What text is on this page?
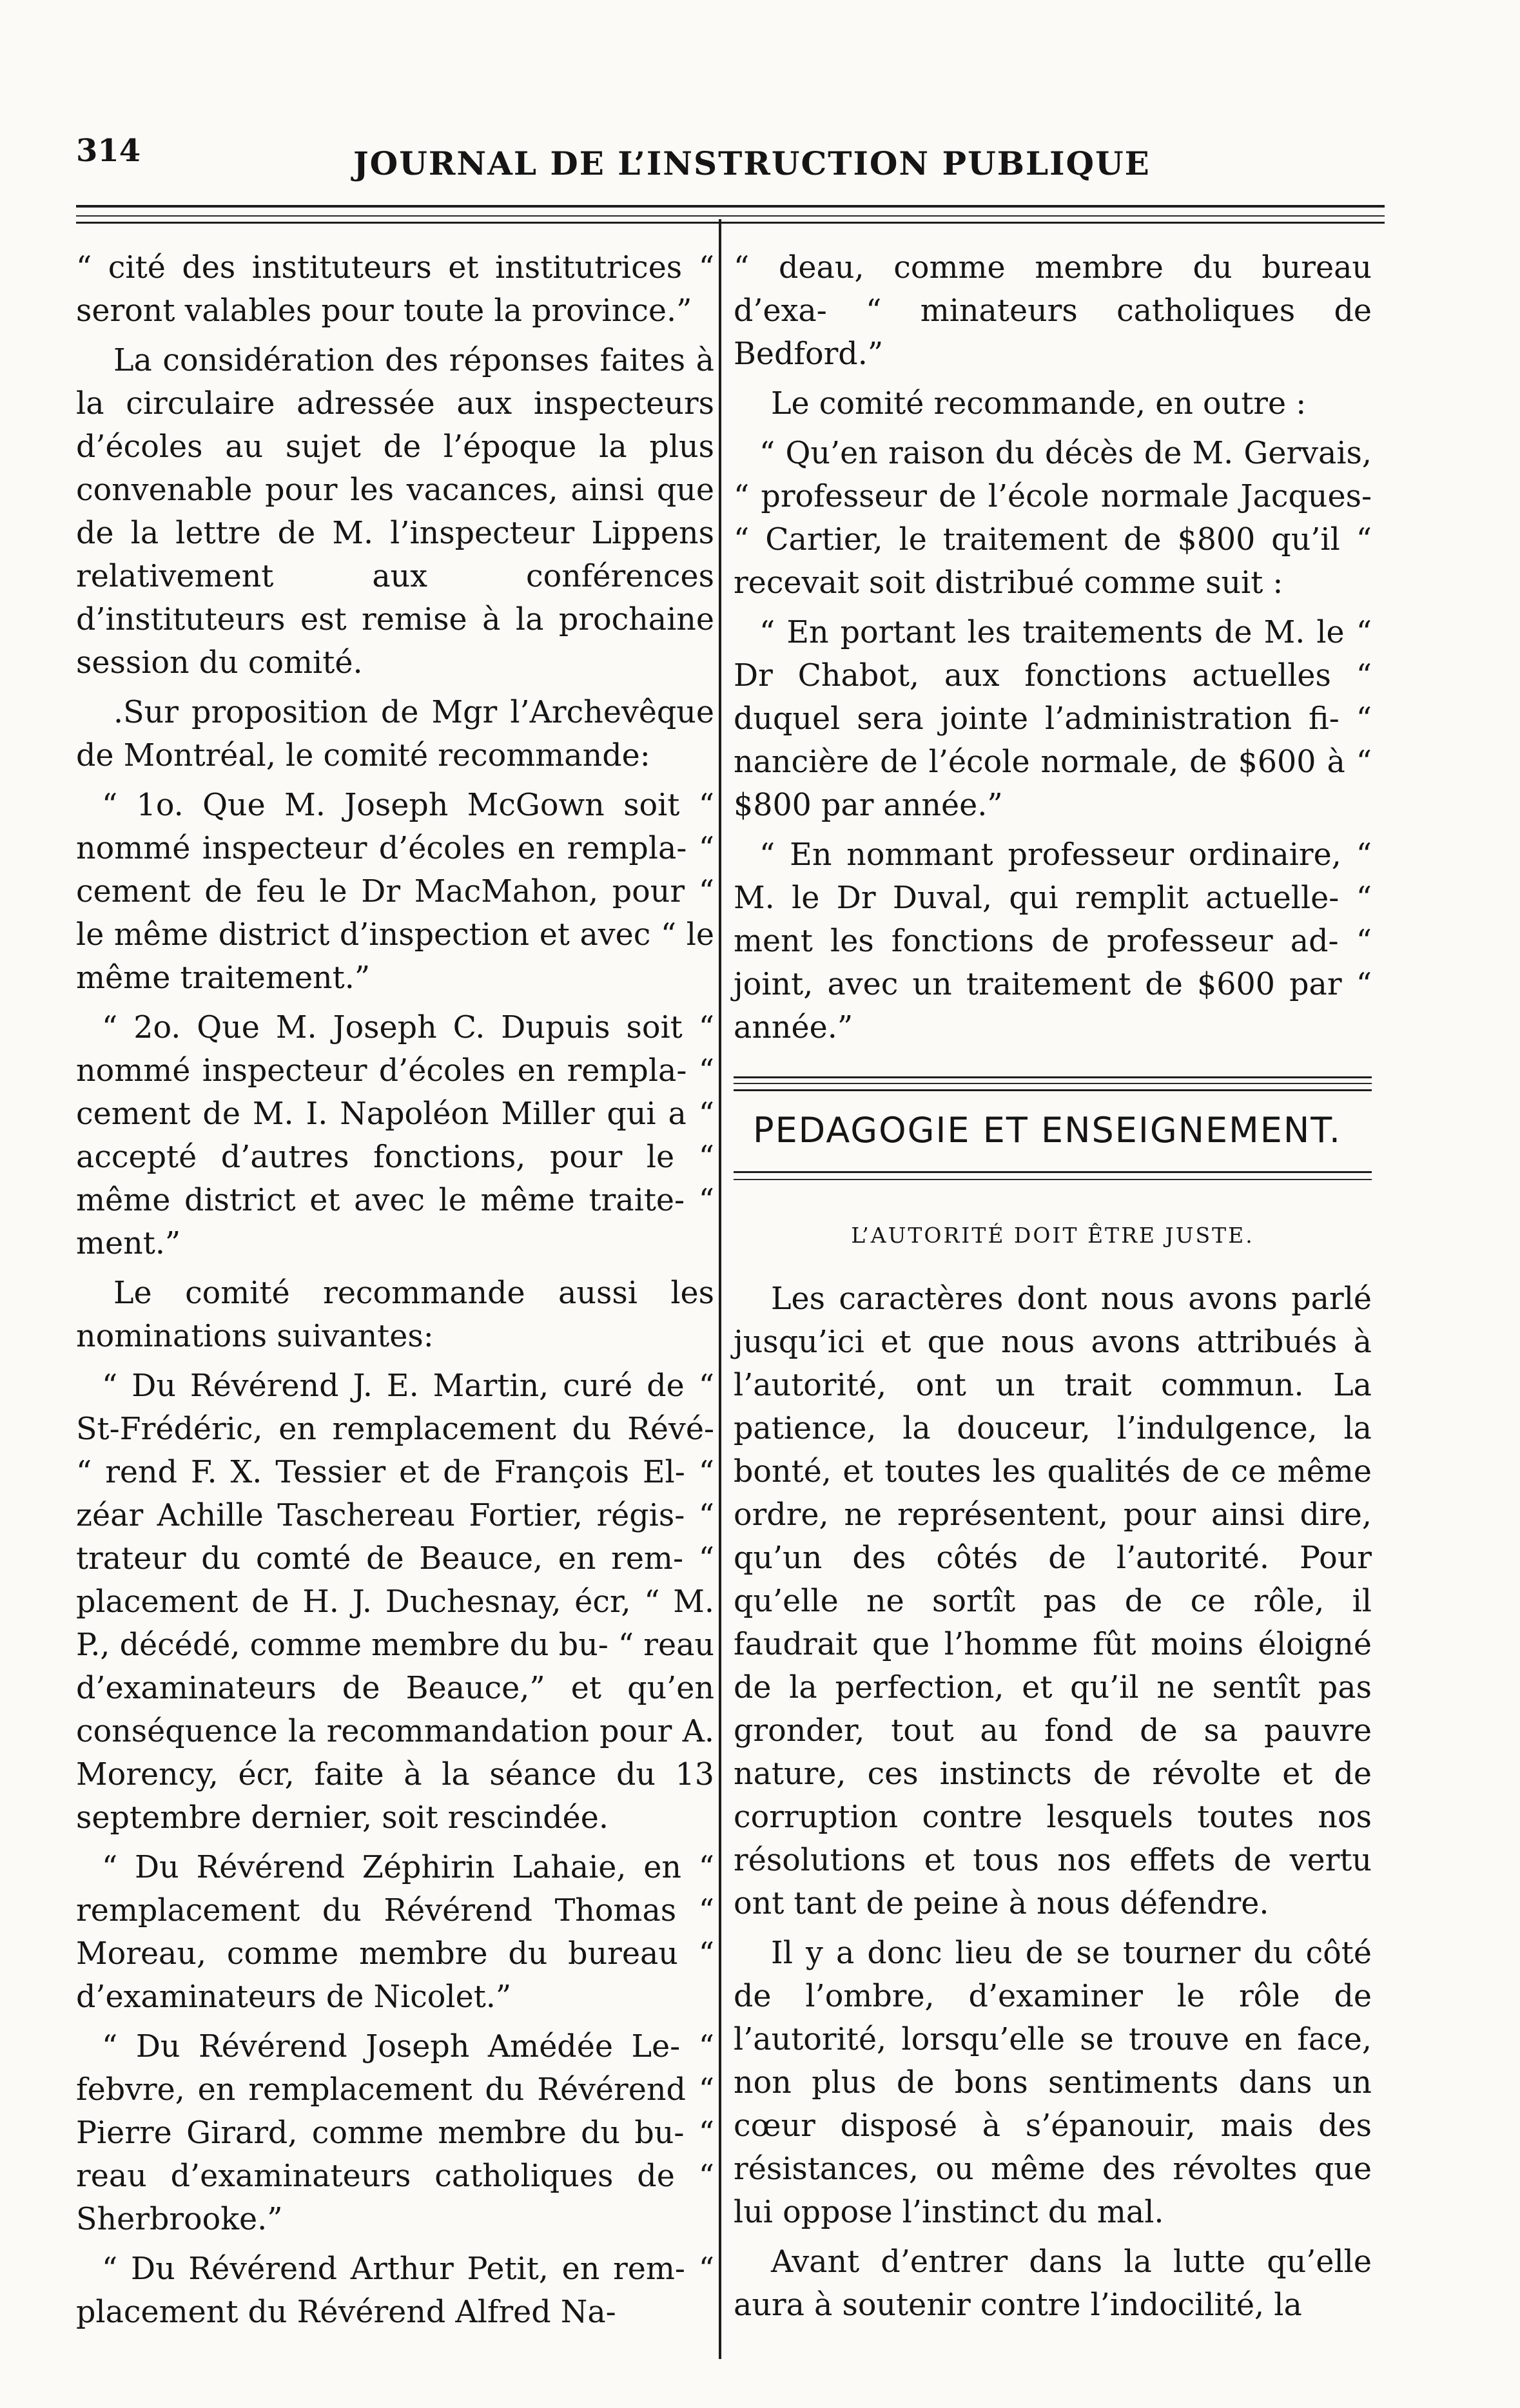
314	JOURNAL DE L’INSTRUCTION PUBLIQUE

“ cité des instituteurs et institutrices “ seront valables pour toute la province.”

La considération des réponses faites à la circulaire adressée aux inspecteurs d’écoles au sujet de l’époque la plus convenable pour les vacances, ainsi que de la lettre de M. l’inspecteur Lippens relativement aux conférences d’instituteurs est remise à la prochaine session du comité.

.Sur proposition de Mgr l’Archevêque de Montréal, le comité recommande:

“ 1o. Que M. Joseph McGown soit “ nommé inspecteur d’écoles en rempla- “ cement de feu le Dr MacMahon, pour “ le même district d’inspection et avec “ le même traitement.”

“ 2o. Que M. Joseph C. Dupuis soit “ nommé inspecteur d’écoles en rempla- “ cement de M. I. Napoléon Miller qui a “ accepté d’autres fonctions, pour le “ même district et avec le même traite- “ ment.”

Le comité recommande aussi les nominations suivantes:

“ Du Révérend J. E. Martin, curé de “ St-Frédéric, en remplacement du Révé- “ rend F. X. Tessier et de François El- “ zéar Achille Taschereau Fortier, régis- “ trateur du comté de Beauce, en rem- “ placement de H. J. Duchesnay, écr, “ M. P., décédé, comme membre du bu- “ reau d’examinateurs de Beauce,” et qu’en conséquence la recommandation pour A. Morency, écr, faite à la séance du 13 septembre dernier, soit rescindée.

“ Du Révérend Zéphirin Lahaie, en “ remplacement du Révérend Thomas “ Moreau, comme membre du bureau “ d’examinateurs de Nicolet.”

“ Du Révérend Joseph Amédée Le- “ febvre, en remplacement du Révérend “ Pierre Girard, comme membre du bu- “ reau d’examinateurs catholiques de “ Sherbrooke.”

“ Du Révérend Arthur Petit, en rem- “ placement du Révérend Alfred Na-

“ deau, comme membre du bureau d’exa- “ minateurs catholiques de Bedford.”

Le comité recommande, en outre :

“ Qu’en raison du décès de M. Gervais, “ professeur de l’école normale Jacques- “ Cartier, le traitement de $800 qu’il “ recevait soit distribué comme suit :

“ En portant les traitements de M. le “ Dr Chabot, aux fonctions actuelles “ duquel sera jointe l’administration fi- “ nancière de l’école normale, de $600 à “ $800 par année.”

“ En nommant professeur ordinaire, “ M. le Dr Duval, qui remplit actuelle- “ ment les fonctions de professeur ad- “ joint, avec un traitement de $600 par “ année.”

PEDAGOGIE ET ENSEIGNEMENT.
L’AUTORITÉ DOIT ÊTRE JUSTE.

Les caractères dont nous avons parlé jusqu’ici et que nous avons attribués à l’autorité, ont un trait commun. La patience, la douceur, l’indulgence, la bonté, et toutes les qualités de ce même ordre, ne représentent, pour ainsi dire, qu’un des côtés de l’autorité. Pour qu’elle ne sortît pas de ce rôle, il faudrait que l’homme fût moins éloigné de la perfection, et qu’il ne sentît pas gronder, tout au fond de sa pauvre nature, ces instincts de révolte et de corruption contre lesquels toutes nos résolutions et tous nos effets de vertu ont tant de peine à nous défendre.

Il y a donc lieu de se tourner du côté de l’ombre, d’examiner le rôle de l’autorité, lorsqu’elle se trouve en face, non plus de bons sentiments dans un cœur disposé à s’épanouir, mais des résistances, ou même des révoltes que lui oppose l’instinct du mal.

Avant d’entrer dans la lutte qu’elle aura à soutenir contre l’indocilité, la
